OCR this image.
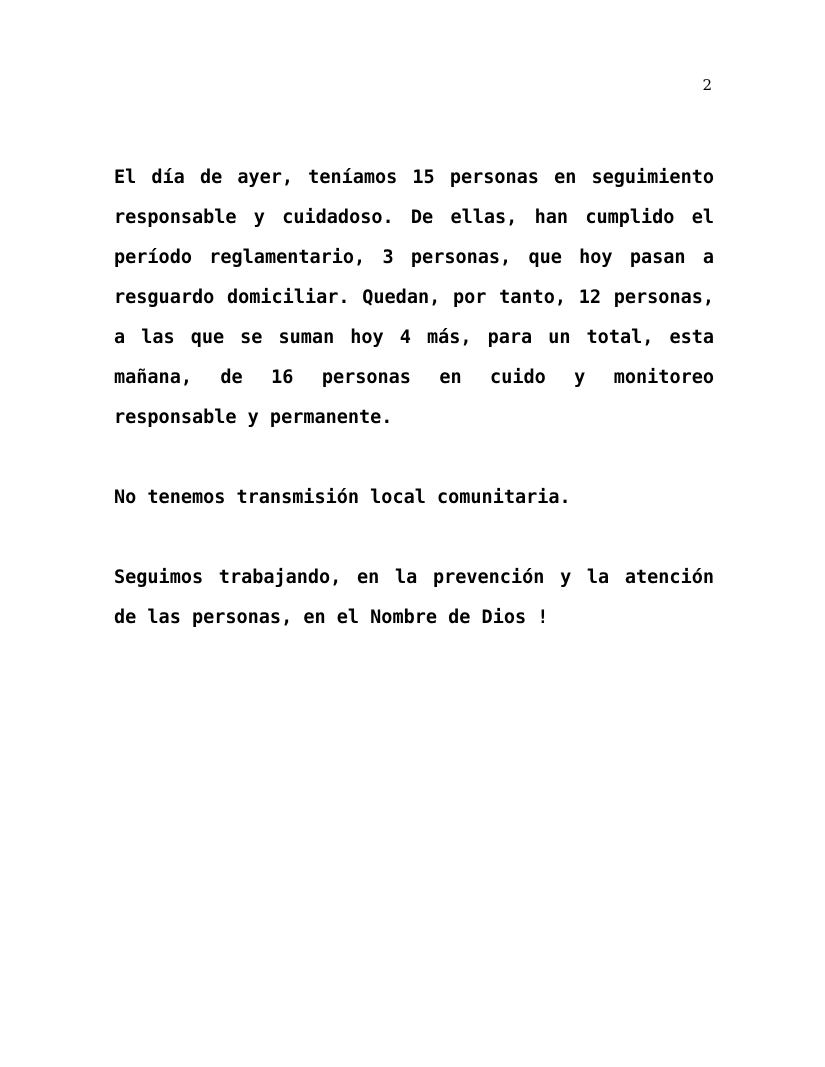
2

El día de ayer, teníamos 15 personas en seguimiento responsable y cuidadoso. De ellas, han cumplido el período reglamentario, 3 personas, que hoy pasan a resguardo domiciliar. Quedan, por tanto, 12 personas, a las que se suman hoy 4 más, para un total, esta mañana, de 16 personas en cuido y monitoreo responsable y permanente.

No tenemos transmisión local comunitaria.

Seguimos trabajando, en la prevención y la atención de las personas, en el Nombre de Dios !
